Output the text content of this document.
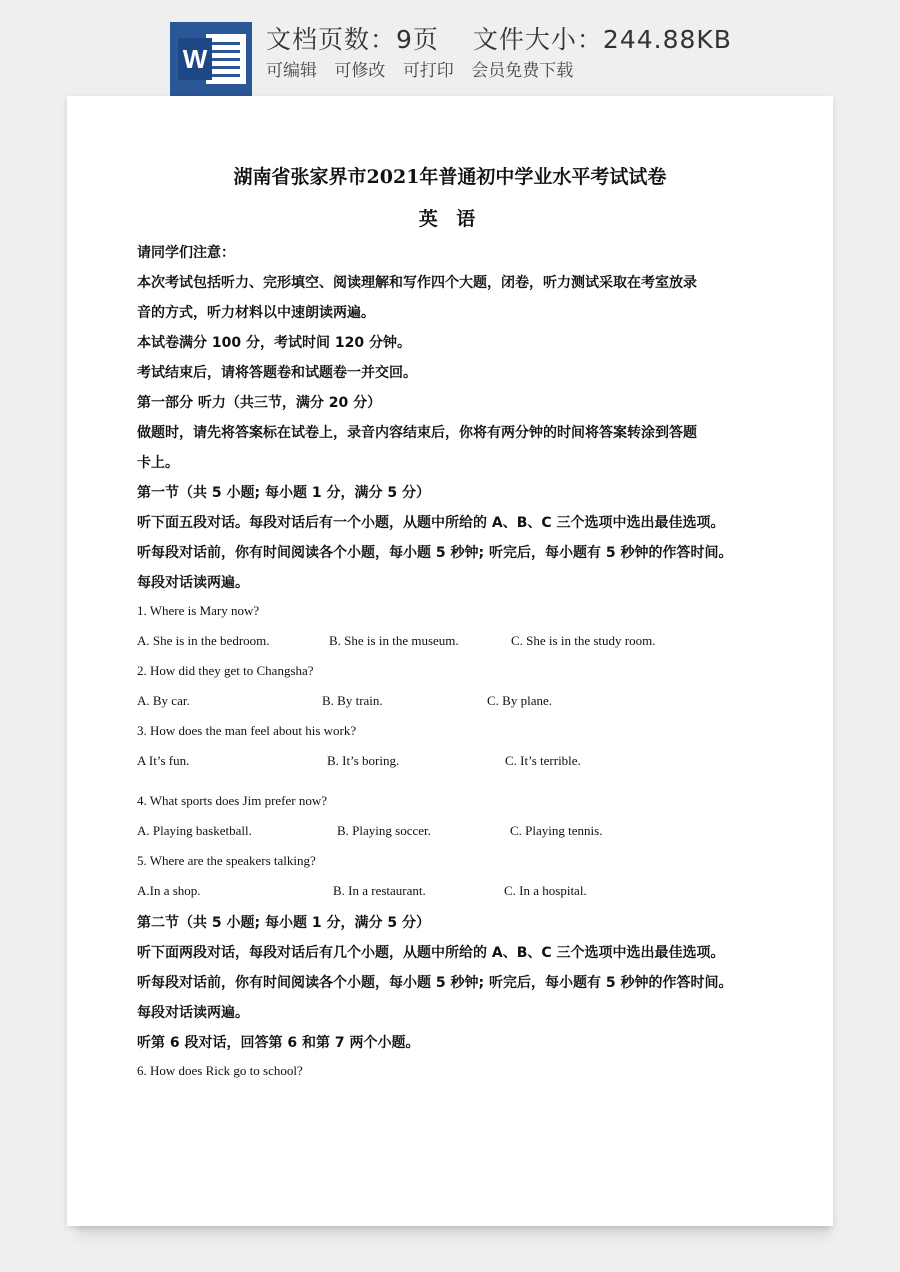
W
文档页数：9页 文件大小：244.88KB
可编辑 可修改 可打印 会员免费下载
湖南省张家界市2021年普通初中学业水平考试试卷
英 语
请同学们注意：
本次考试包括听力、完形填空、阅读理解和写作四个大题，闭卷，听力测试采取在考室放录
音的方式，听力材料以中速朗读两遍。
本试卷满分 100 分，考试时间 120 分钟。
考试结束后，请将答题卷和试题卷一并交回。
第一部分 听力（共三节，满分 20 分）
做题时，请先将答案标在试卷上，录音内容结束后，你将有两分钟的时间将答案转涂到答题
卡上。
第一节（共 5 小题; 每小题 1 分，满分 5 分）
听下面五段对话。每段对话后有一个小题，从题中所给的 A、B、C 三个选项中选出最佳选项。
听每段对话前，你有时间阅读各个小题，每小题 5 秒钟; 听完后，每小题有 5 秒钟的作答时间。
每段对话读两遍。
1. Where is Mary now?
A. She is in the bedroom.	B. She is in the museum.	C. She is in the study room.
2. How did they get to Changsha?
A. By car.	B. By train.	C. By plane.
3. How does the man feel about his work?
A It’s fun.	B. It’s boring.	C. It’s terrible.
4. What sports does Jim prefer now?
A. Playing basketball.	B. Playing soccer.	C. Playing tennis.
5. Where are the speakers talking?
A.In a shop.	B. In a restaurant.	C. In a hospital.
第二节（共 5 小题; 每小题 1 分，满分 5 分）
听下面两段对话，每段对话后有几个小题，从题中所给的 A、B、C 三个选项中选出最佳选项。
听每段对话前，你有时间阅读各个小题，每小题 5 秒钟; 听完后，每小题有 5 秒钟的作答时间。
每段对话读两遍。
听第 6 段对话，回答第 6 和第 7 两个小题。
6. How does Rick go to school?
